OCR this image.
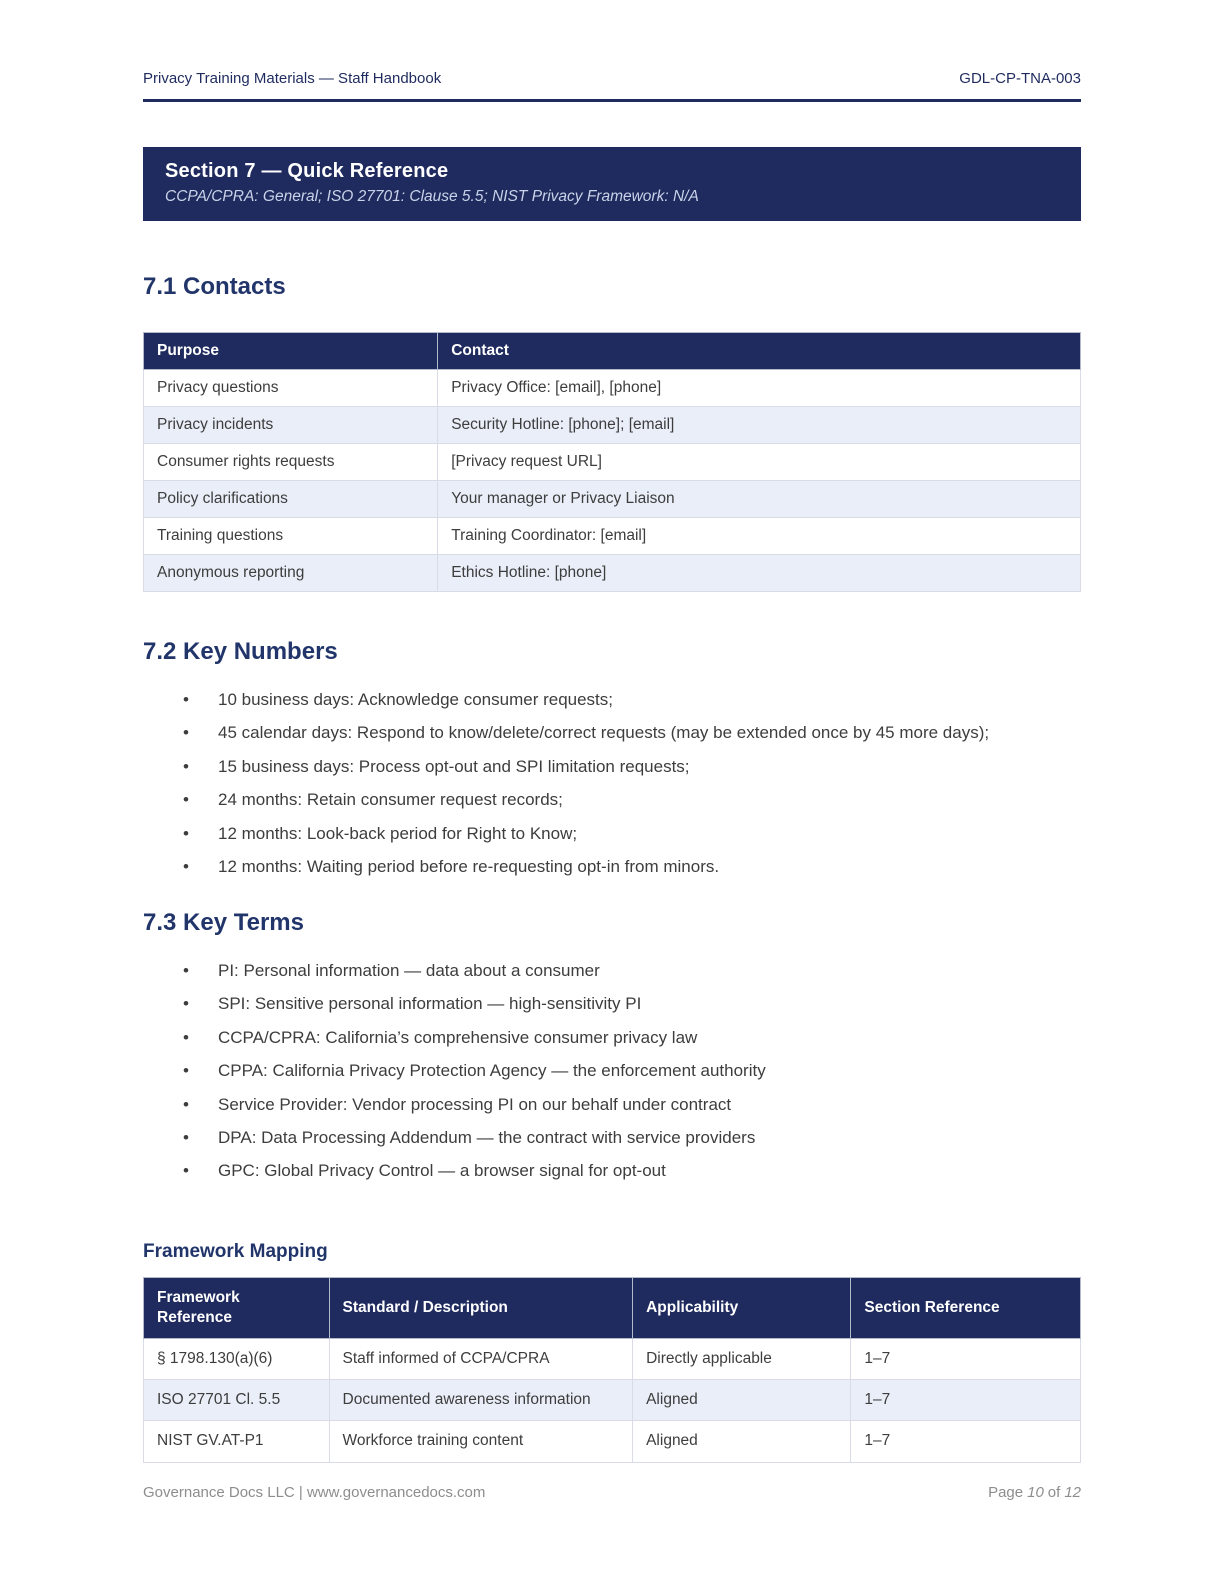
Privacy Training Materials — Staff Handbook	GDL-CP-TNA-003
Section 7 — Quick Reference
CCPA/CPRA: General; ISO 27701: Clause 5.5; NIST Privacy Framework: N/A
7.1 Contacts
Purpose	Contact
Privacy questions	Privacy Office: [email], [phone]
Privacy incidents	Security Hotline: [phone]; [email]
Consumer rights requests	[Privacy request URL]
Policy clarifications	Your manager or Privacy Liaison
Training questions	Training Coordinator: [email]
Anonymous reporting	Ethics Hotline: [phone]
7.2 Key Numbers
• 10 business days: Acknowledge consumer requests;
• 45 calendar days: Respond to know/delete/correct requests (may be extended once by 45 more days);
• 15 business days: Process opt-out and SPI limitation requests;
• 24 months: Retain consumer request records;
• 12 months: Look-back period for Right to Know;
• 12 months: Waiting period before re-requesting opt-in from minors.
7.3 Key Terms
• PI: Personal information — data about a consumer
• SPI: Sensitive personal information — high-sensitivity PI
• CCPA/CPRA: California’s comprehensive consumer privacy law
• CPPA: California Privacy Protection Agency — the enforcement authority
• Service Provider: Vendor processing PI on our behalf under contract
• DPA: Data Processing Addendum — the contract with service providers
• GPC: Global Privacy Control — a browser signal for opt-out
Framework Mapping
Framework Reference	Standard / Description	Applicability	Section Reference
§ 1798.130(a)(6)	Staff informed of CCPA/CPRA	Directly applicable	1–7
ISO 27701 Cl. 5.5	Documented awareness information	Aligned	1–7
NIST GV.AT-P1	Workforce training content	Aligned	1–7
Governance Docs LLC | www.governancedocs.com	Page 10 of 12
